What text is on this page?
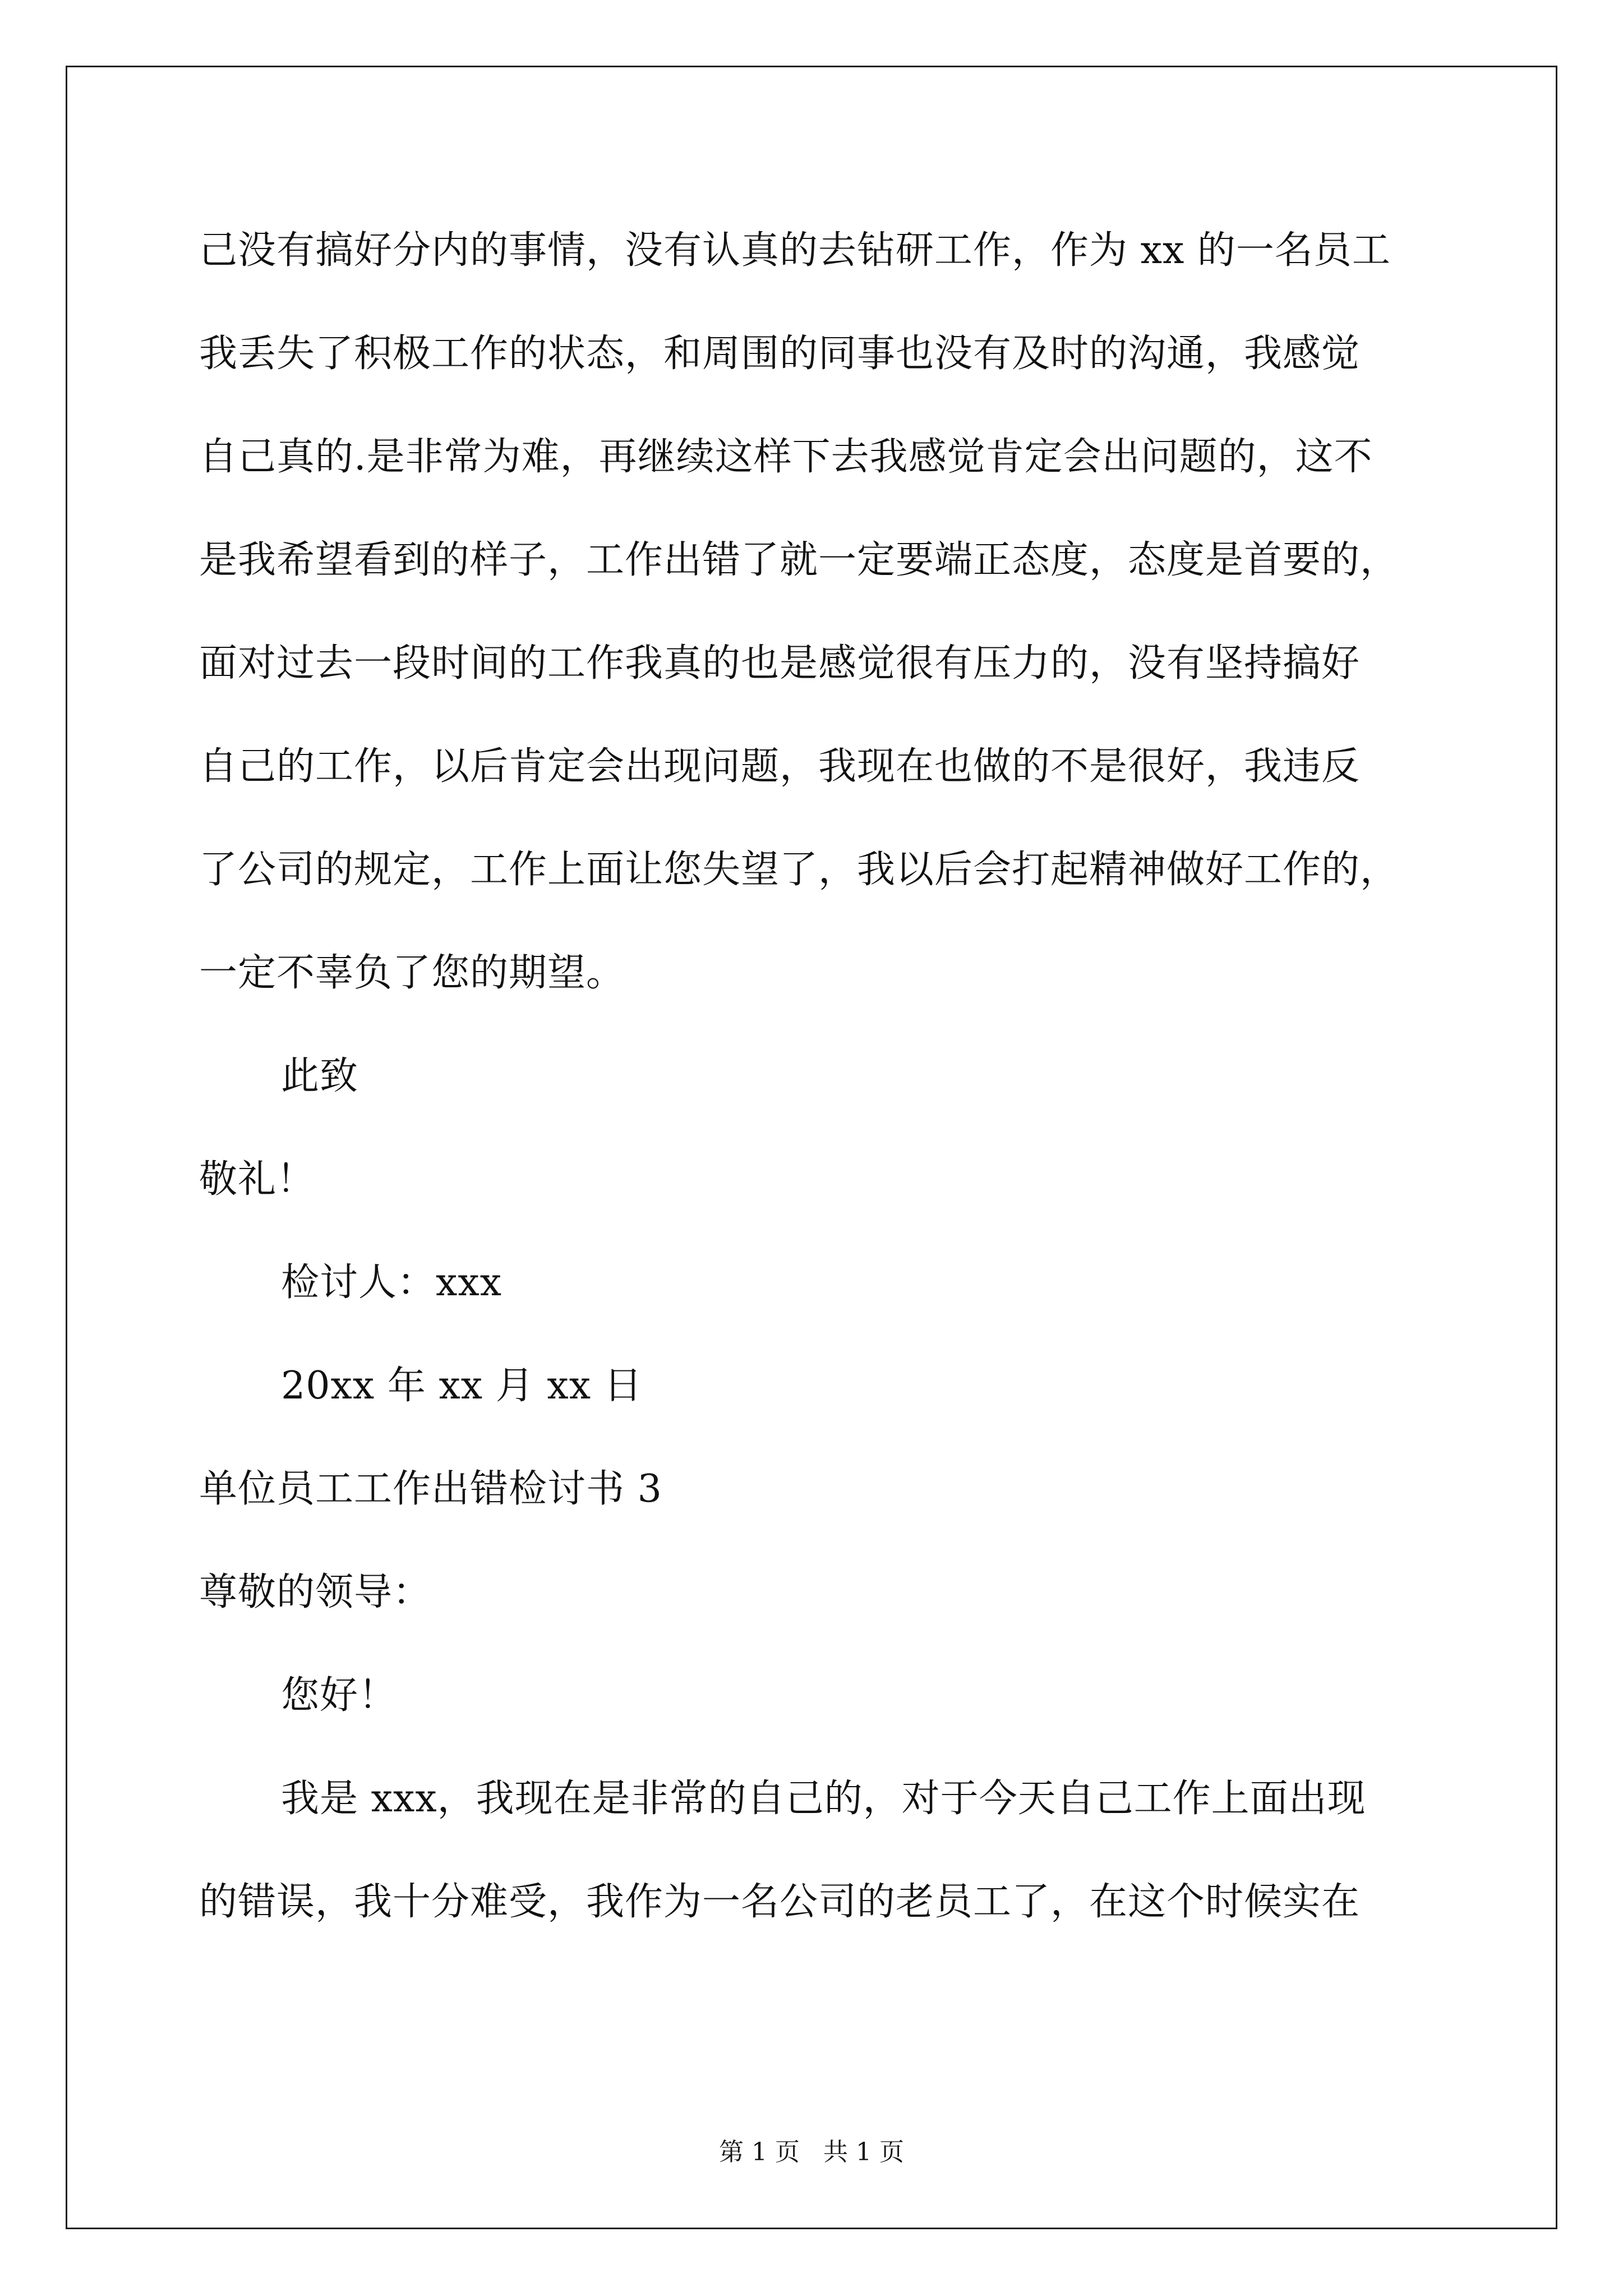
己没有搞好分内的事情，没有认真的去钻研工作，作为 xx 的一名员工
我丢失了积极工作的状态，和周围的同事也没有及时的沟通，我感觉
自己真的.是非常为难，再继续这样下去我感觉肯定会出问题的，这不
是我希望看到的样子，工作出错了就一定要端正态度，态度是首要的，
面对过去一段时间的工作我真的也是感觉很有压力的，没有坚持搞好
自己的工作，以后肯定会出现问题，我现在也做的不是很好，我违反
了公司的规定，工作上面让您失望了，我以后会打起精神做好工作的，
一定不辜负了您的期望。
此致
敬礼！
检讨人：xxx
20xx 年 xx 月 xx 日
单位员工工作出错检讨书 3
尊敬的领导：
您好！
我是 xxx，我现在是非常的自己的，对于今天自己工作上面出现
的错误，我十分难受，我作为一名公司的老员工了，在这个时候实在
第 1 页   共 1 页
